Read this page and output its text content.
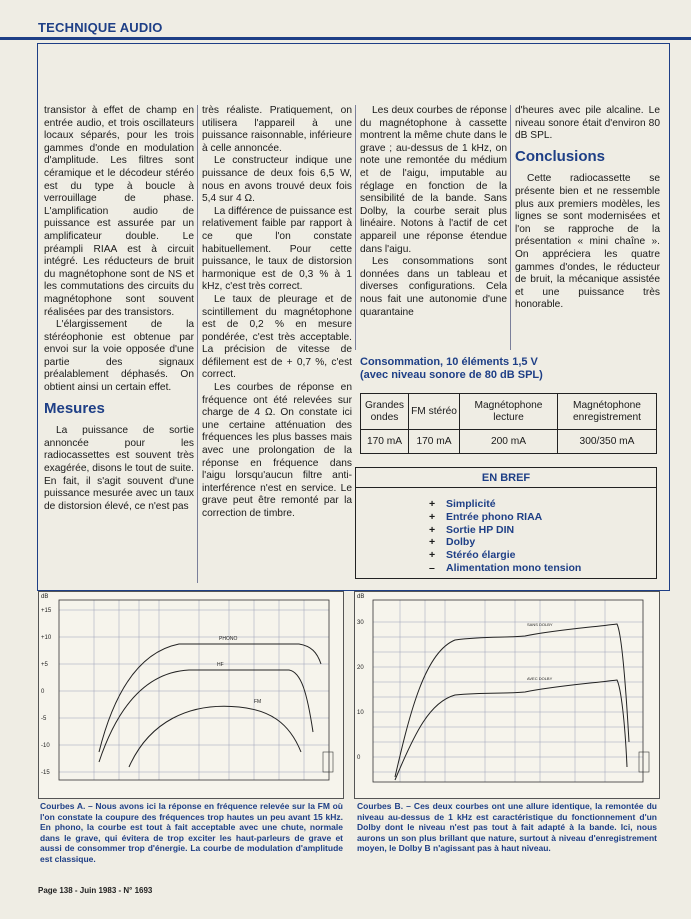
TECHNIQUE AUDIO

transistor à effet de champ en entrée audio, et trois oscillateurs locaux séparés, pour les trois gammes d'onde en modulation d'amplitude. Les filtres sont céramique et le décodeur stéréo est du type à boucle à verrouillage de phase. L'amplification audio de puissance est assurée par un amplificateur double. Le préampli RIAA est à circuit intégré. Les réducteurs de bruit du magnétophone sont de NS et les commutations des circuits du magnétophone sont souvent réalisées par des transistors.

L'élargissement de la stéréophonie est obtenue par envoi sur la voie opposée d'une partie des signaux préalablement déphasés. On obtient ainsi un certain effet.

Mesures

La puissance de sortie annoncée pour les radiocassettes est souvent très exagérée, disons le tout de suite. En fait, il s'agit souvent d'une puissance mesurée avec un taux de distorsion élevé, ce n'est pas

très réaliste. Pratiquement, on utilisera l'appareil à une puissance raisonnable, inférieure à celle annoncée.

Le constructeur indique une puissance de deux fois 6,5 W, nous en avons trouvé deux fois 5,4 sur 4 Ω.

La différence de puissance est relativement faible par rapport à ce que l'on constate habituellement. Pour cette puissance, le taux de distorsion harmonique est de 0,3 % à 1 kHz, c'est très correct.

Le taux de pleurage et de scintillement du magnétophone est de 0,2 % en mesure pondérée, c'est très acceptable. La précision de vitesse de défilement est de + 0,7 %, c'est correct.

Les courbes de réponse en fréquence ont été relevées sur charge de 4 Ω. On constate ici une certaine atténuation des fréquences les plus basses mais avec une prolongation de la réponse en fréquence dans l'aigu lorsqu'aucun filtre anti-interférence n'est en service. Le grave peut être remonté par la correction de timbre.

Les deux courbes de réponse du magnétophone à cassette montrent la même chute dans le grave ; au-dessus de 1 kHz, on note une remontée du médium et de l'aigu, imputable au réglage en fonction de la sensibilité de la bande. Sans Dolby, la courbe serait plus linéaire. Notons à l'actif de cet appareil une réponse étendue dans l'aigu.

Les consommations sont données dans un tableau et diverses configurations. Cela nous fait une autonomie d'une quarantaine

d'heures avec pile alcaline. Le niveau sonore était d'environ 80 dB SPL.

Conclusions

Cette radiocassette se présente bien et ne ressemble plus aux premiers modèles, les lignes se sont modernisées et l'on se rapproche de la présentation « mini chaîne ». On appréciera les quatre gammes d'ondes, le réducteur de bruit, la mécanique assistée et une puissance très honorable.

Consommation, 10 éléments 1,5 V
(avec niveau sonore de 80 dB SPL)
Grandes ondes	FM stéréo	Magnétophone lecture	Magnétophone enregistrement
170 mA	170 mA	200 mA	300/350 mA
EN BREF
+ Simplicité
+ Entrée phono RIAA
+ Sortie HP DIN
+ Dolby
+ Stéréo élargie
– Alimentation mono tension
PHONO
HF
FM
dB
+15
+10
+5
0
-5
-10
-15
SANS DOLBY
AVEC DOLBY
dB
30
20
10
0
Courbes A. – Nous avons ici la réponse en fréquence relevée sur la FM où l'on constate la coupure des fréquences trop hautes un peu avant 15 kHz. En phono, la courbe est tout à fait acceptable avec une chute, normale dans le grave, qui évitera de trop exciter les haut-parleurs de grave et aussi de consommer trop d'énergie. La courbe de modulation d'amplitude est classique.
Courbes B. – Ces deux courbes ont une allure identique, la remontée du niveau au-dessus de 1 kHz est caractéristique du fonctionnement d'un Dolby dont le niveau n'est pas tout à fait adapté à la bande. Ici, nous aurons un son plus brillant que nature, surtout à niveau d'enregistrement moyen, le Dolby B n'agissant pas à haut niveau.
Page 138 - Juin 1983 - N° 1693
